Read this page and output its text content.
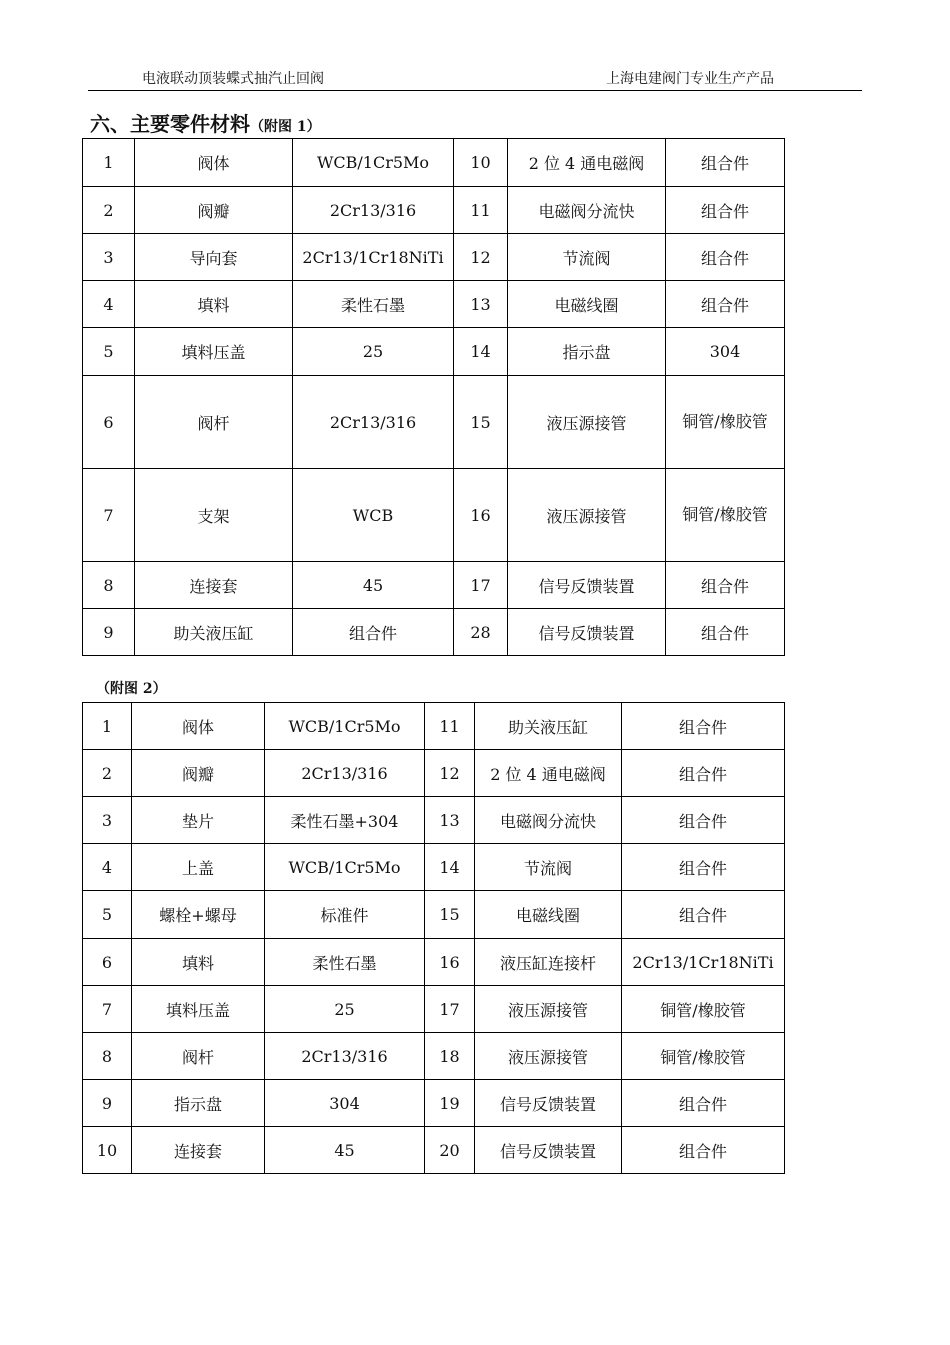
电液联动顶装蝶式抽汽止回阀	上海电建阀门专业生产产品
六、主要零件材料（附图 1）
1	阀体	WCB/1Cr5Mo	10	2 位 4 通电磁阀	组合件
2	阀瓣	2Cr13/316	11	电磁阀分流快	组合件
3	导向套	2Cr13/1Cr18NiTi	12	节流阀	组合件
4	填料	柔性石墨	13	电磁线圈	组合件
5	填料压盖	25	14	指示盘	304
6	阀杆	2Cr13/316	15	液压源接管	铜管/橡胶管
7	支架	WCB	16	液压源接管	铜管/橡胶管
8	连接套	45	17	信号反馈装置	组合件
9	助关液压缸	组合件	28	信号反馈装置	组合件
（附图 2）
1	阀体	WCB/1Cr5Mo	11	助关液压缸	组合件
2	阀瓣	2Cr13/316	12	2 位 4 通电磁阀	组合件
3	垫片	柔性石墨+304	13	电磁阀分流快	组合件
4	上盖	WCB/1Cr5Mo	14	节流阀	组合件
5	螺栓+螺母	标准件	15	电磁线圈	组合件
6	填料	柔性石墨	16	液压缸连接杆	2Cr13/1Cr18NiTi
7	填料压盖	25	17	液压源接管	铜管/橡胶管
8	阀杆	2Cr13/316	18	液压源接管	铜管/橡胶管
9	指示盘	304	19	信号反馈装置	组合件
10	连接套	45	20	信号反馈装置	组合件
